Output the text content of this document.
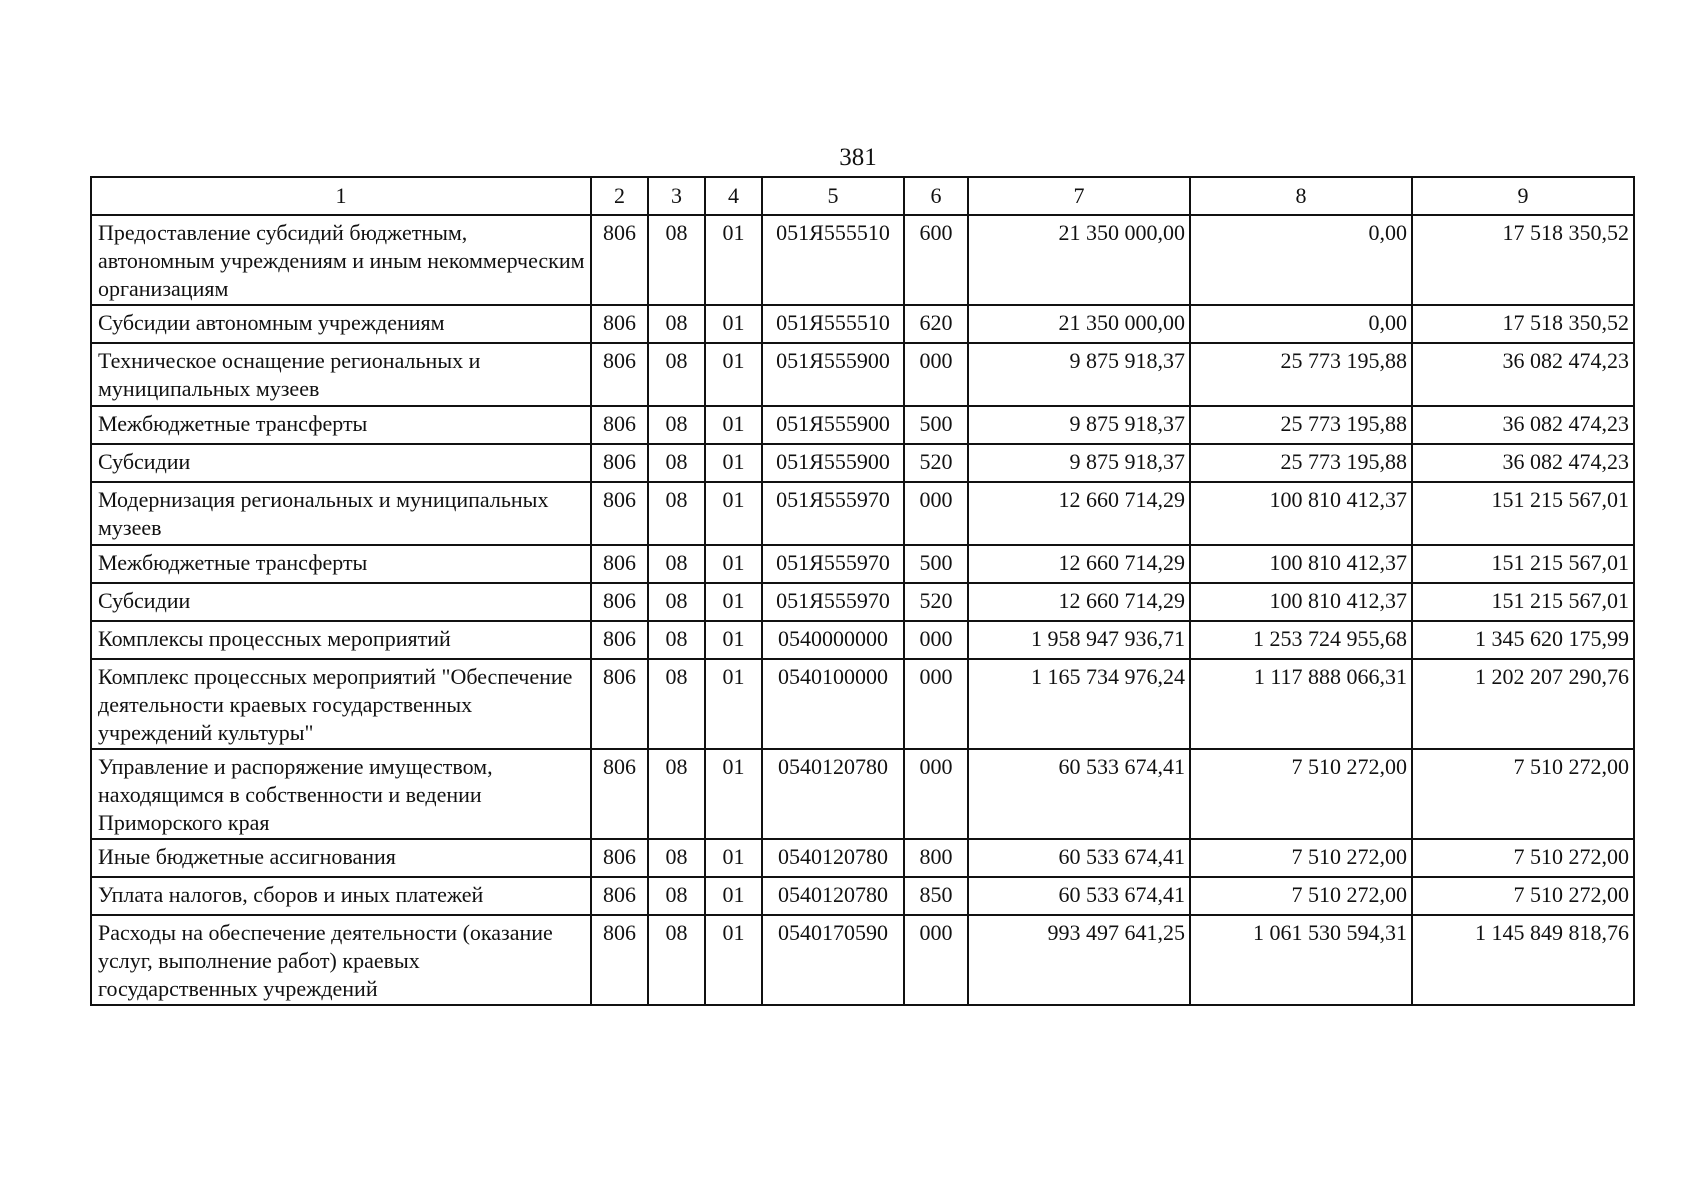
381
1	2	3	4	5	6	7	8	9
Предоставление субсидий бюджетным, автономным учреждениям и иным некоммерческим организациям	806	08	01	051Я555510	600	21 350 000,00	0,00	17 518 350,52
Субсидии автономным учреждениям	806	08	01	051Я555510	620	21 350 000,00	0,00	17 518 350,52
Техническое оснащение региональных и муниципальных музеев	806	08	01	051Я555900	000	9 875 918,37	25 773 195,88	36 082 474,23
Межбюджетные трансферты	806	08	01	051Я555900	500	9 875 918,37	25 773 195,88	36 082 474,23
Субсидии	806	08	01	051Я555900	520	9 875 918,37	25 773 195,88	36 082 474,23
Модернизация региональных и муниципальных музеев	806	08	01	051Я555970	000	12 660 714,29	100 810 412,37	151 215 567,01
Межбюджетные трансферты	806	08	01	051Я555970	500	12 660 714,29	100 810 412,37	151 215 567,01
Субсидии	806	08	01	051Я555970	520	12 660 714,29	100 810 412,37	151 215 567,01
Комплексы процессных мероприятий	806	08	01	0540000000	000	1 958 947 936,71	1 253 724 955,68	1 345 620 175,99
Комплекс процессных мероприятий "Обеспечение деятельности краевых государственных учреждений культуры"	806	08	01	0540100000	000	1 165 734 976,24	1 117 888 066,31	1 202 207 290,76
Управление и распоряжение имуществом, находящимся в собственности и ведении Приморского края	806	08	01	0540120780	000	60 533 674,41	7 510 272,00	7 510 272,00
Иные бюджетные ассигнования	806	08	01	0540120780	800	60 533 674,41	7 510 272,00	7 510 272,00
Уплата налогов, сборов и иных платежей	806	08	01	0540120780	850	60 533 674,41	7 510 272,00	7 510 272,00
Расходы на обеспечение деятельности (оказание услуг, выполнение работ) краевых государственных учреждений	806	08	01	0540170590	000	993 497 641,25	1 061 530 594,31	1 145 849 818,76
